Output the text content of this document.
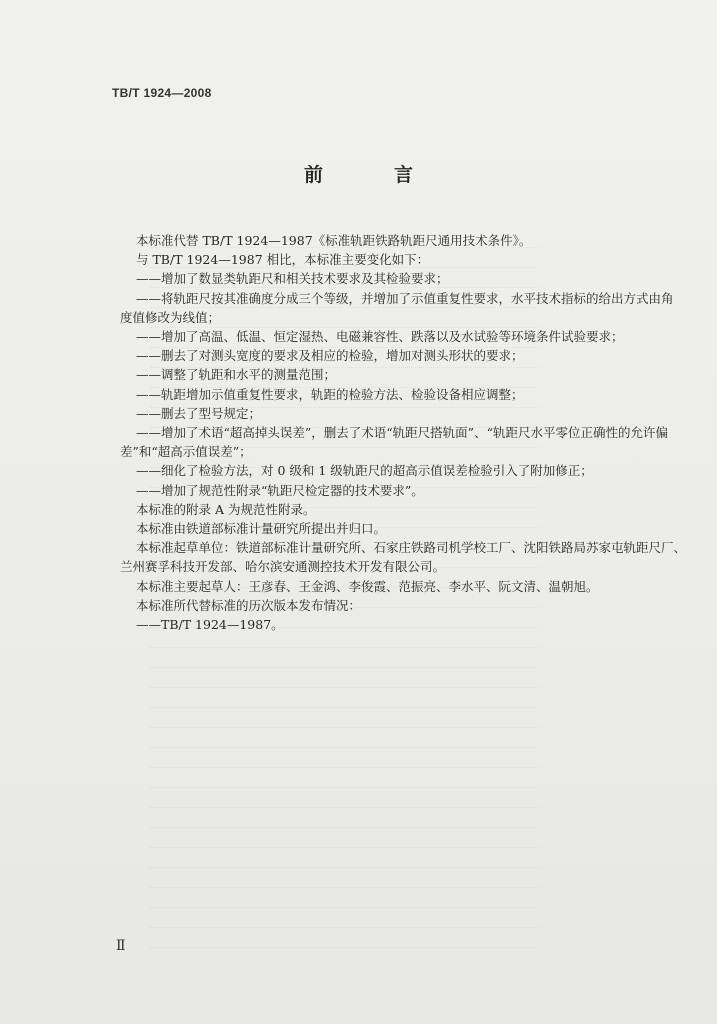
TB/T 1924—2008
前　言

本标准代替 TB/T 1924—1987《标准轨距铁路轨距尺通用技术条件》。

与 TB/T 1924—1987 相比，本标准主要变化如下：

——增加了数显类轨距尺和相关技术要求及其检验要求；

——将轨距尺按其准确度分成三个等级，并增加了示值重复性要求，水平技术指标的给出方式由角

度值修改为线值；

——增加了高温、低温、恒定湿热、电磁兼容性、跌落以及水试验等环境条件试验要求；

——删去了对测头宽度的要求及相应的检验，增加对测头形状的要求；

——调整了轨距和水平的测量范围；

——轨距增加示值重复性要求，轨距的检验方法、检验设备相应调整；

——删去了型号规定；

——增加了术语“超高掉头误差”，删去了术语“轨距尺搭轨面”、“轨距尺水平零位正确性的允许偏

差”和“超高示值误差”；

——细化了检验方法，对 0 级和 1 级轨距尺的超高示值误差检验引入了附加修正；

——增加了规范性附录“轨距尺检定器的技术要求”。

本标准的附录 A 为规范性附录。

本标准由铁道部标准计量研究所提出并归口。

本标准起草单位：铁道部标准计量研究所、石家庄铁路司机学校工厂、沈阳铁路局苏家屯轨距尺厂、

兰州赛孚科技开发部、哈尔滨安通测控技术开发有限公司。

本标准主要起草人：王彦春、王金鸿、李俊霞、范振亮、李水平、阮文清、温朝旭。

本标准所代替标准的历次版本发布情况：

——TB/T 1924—1987。

Ⅱ
